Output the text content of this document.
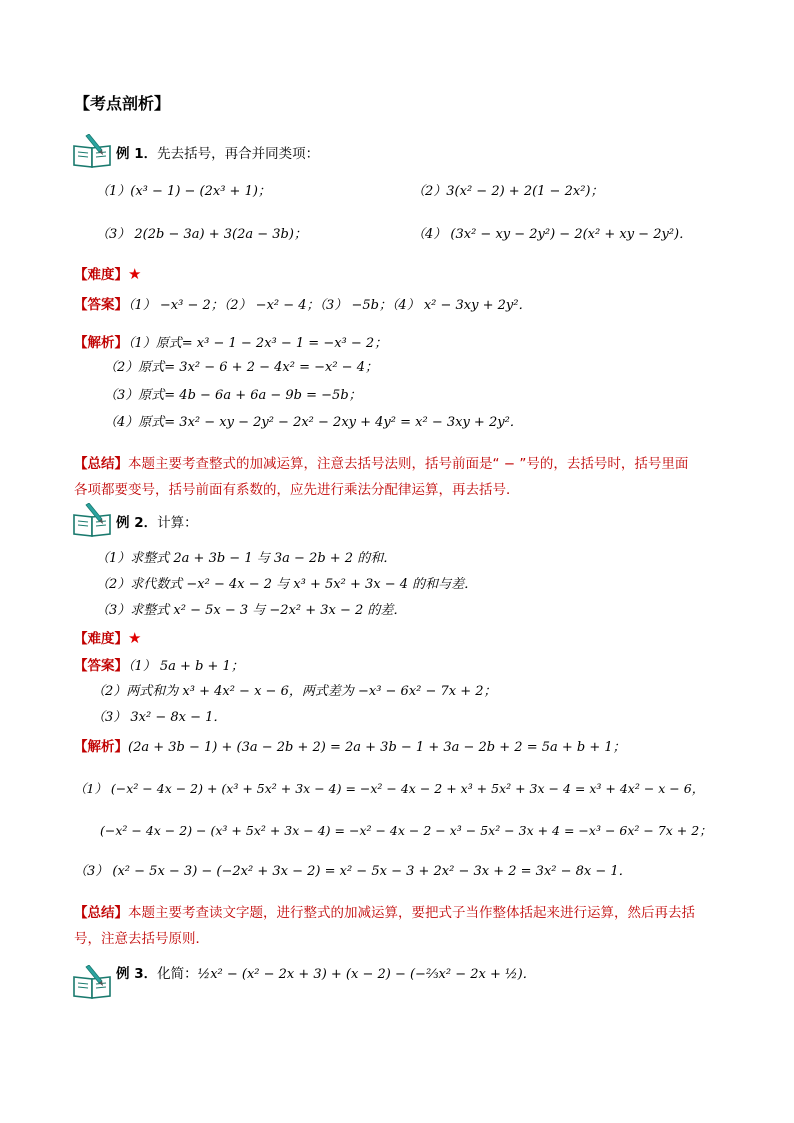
【考点剖析】
例 1．先去括号，再合并同类项：
（1）(x³ − 1) − (2x³ + 1)；	（2）3(x² − 2) + 2(1 − 2x²)；
（3） 2(2b − 3a) + 3(2a − 3b)；	（4） (3x² − xy − 2y²) − 2(x² + xy − 2y²)．
【难度】★
【答案】（1） −x³ − 2；（2） −x² − 4；（3） −5b；（4） x² − 3xy + 2y²．
【解析】（1）原式= x³ − 1 − 2x³ − 1 = −x³ − 2；
（2）原式= 3x² − 6 + 2 − 4x² = −x² − 4；
（3）原式= 4b − 6a + 6a − 9b = −5b；
（4）原式= 3x² − xy − 2y² − 2x² − 2xy + 4y² = x² − 3xy + 2y²．
【总结】本题主要考查整式的加减运算，注意去括号法则，括号前面是“ − ”号的，去括号时，括号里面
各项都要变号，括号前面有系数的，应先进行乘法分配律运算，再去括号．
例 2．计算：
（1）求整式 2a + 3b − 1 与 3a − 2b + 2 的和．
（2）求代数式 −x² − 4x − 2 与 x³ + 5x² + 3x − 4 的和与差．
（3）求整式 x² − 5x − 3 与 −2x² + 3x − 2 的差．
【难度】★
【答案】（1） 5a + b + 1；
（2）两式和为 x³ + 4x² − x − 6，两式差为 −x³ − 6x² − 7x + 2；
（3） 3x² − 8x − 1．
【解析】(2a + 3b − 1) + (3a − 2b + 2) = 2a + 3b − 1 + 3a − 2b + 2 = 5a + b + 1；
（1） (−x² − 4x − 2) + (x³ + 5x² + 3x − 4) = −x² − 4x − 2 + x³ + 5x² + 3x − 4 = x³ + 4x² − x − 6，
(−x² − 4x − 2) − (x³ + 5x² + 3x − 4) = −x² − 4x − 2 − x³ − 5x² − 3x + 4 = −x³ − 6x² − 7x + 2；
（3） (x² − 5x − 3) − (−2x² + 3x − 2) = x² − 5x − 3 + 2x² − 3x + 2 = 3x² − 8x − 1．
【总结】本题主要考查读文字题，进行整式的加减运算，要把式子当作整体括起来进行运算，然后再去括
号，注意去括号原则．
例 3．化简：½x² − (x² − 2x + 3) + (x − 2) − (−⅔x² − 2x + ½)．
